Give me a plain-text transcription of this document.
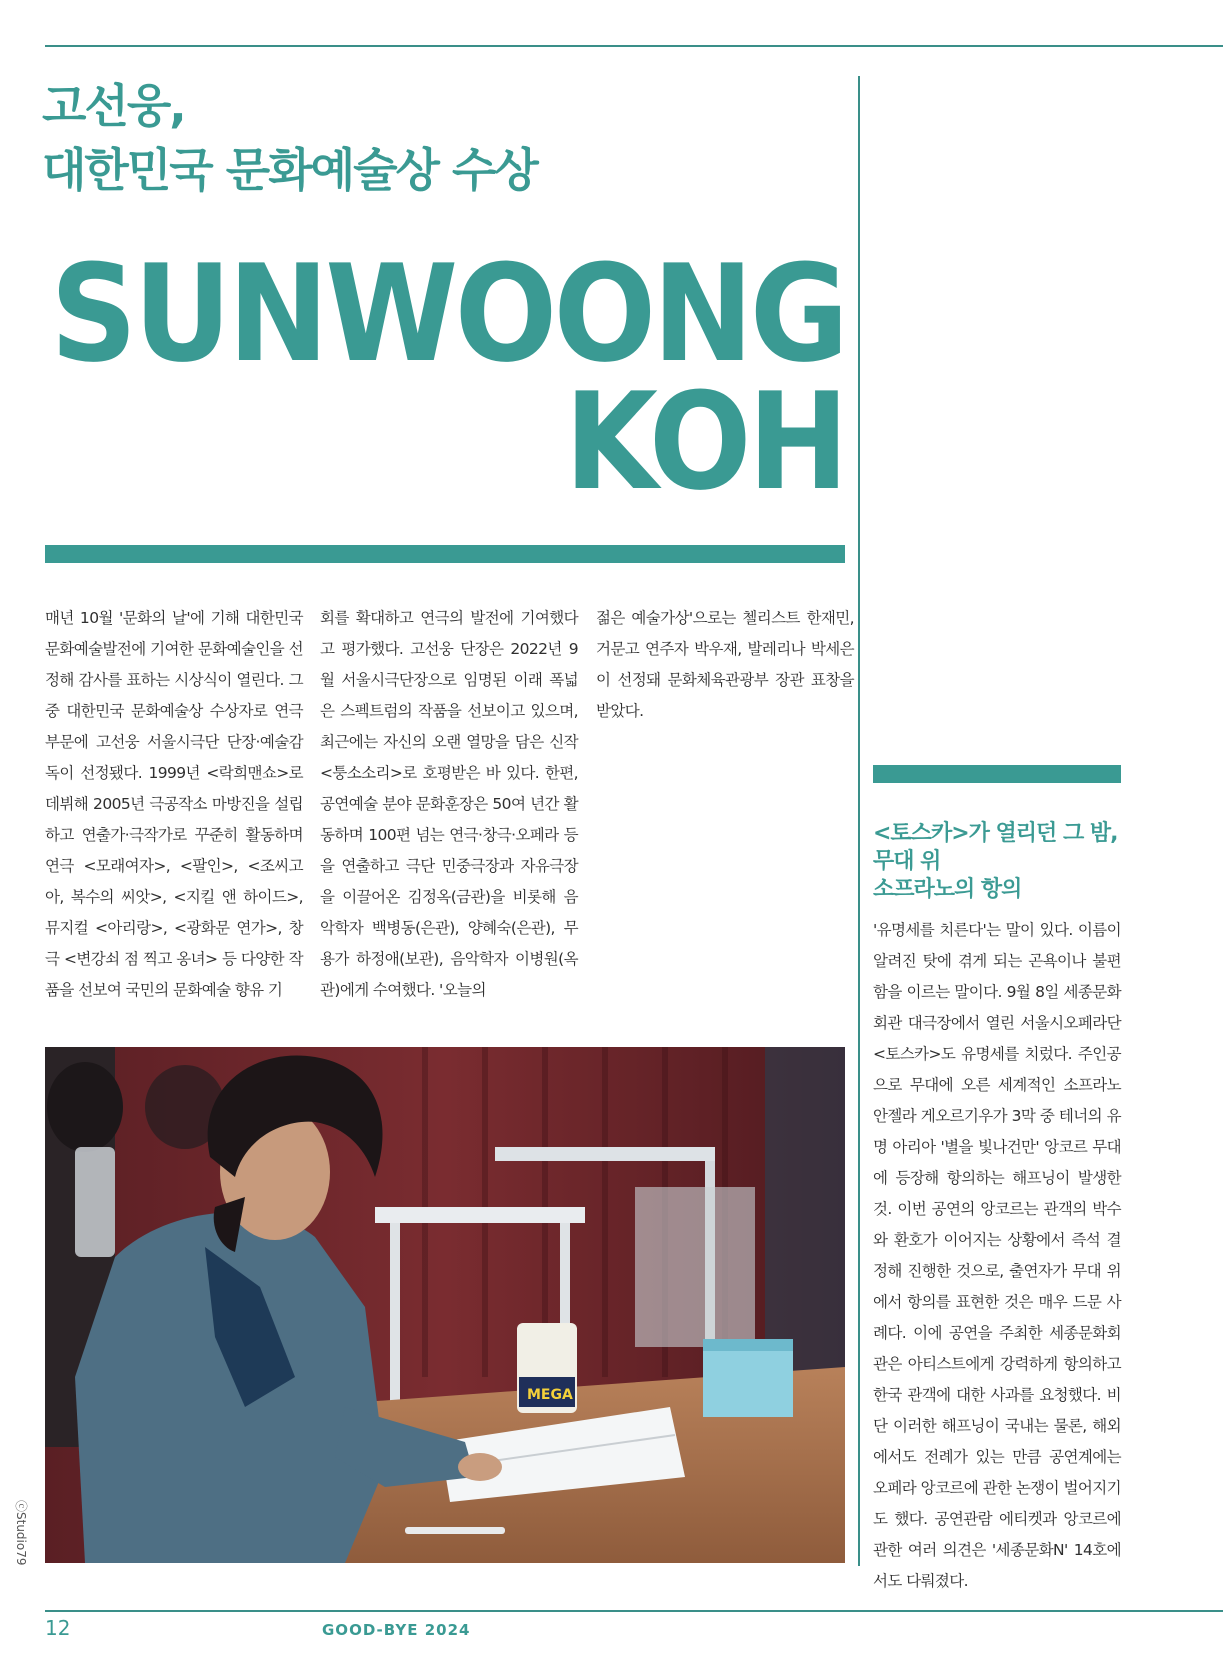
고선웅,
대한민국 문화예술상 수상
SUNWOONG
KOH

매년 10월 '문화의 날'에 기해 대한민국 문화예술발전에 기여한 문화예술인을 선정해 감사를 표하는 시상식이 열린다. 그중 대한민국 문화예술상 수상자로 연극 부문에 고선웅 서울시극단 단장·예술감독이 선정됐다. 1999년 <락희맨쇼>로 데뷔해 2005년 극공작소 마방진을 설립하고 연출가·극작가로 꾸준히 활동하며 연극 <모래여자>, <팔인>, <조씨고아, 복수의 씨앗>, <지킬 앤 하이드>, 뮤지컬 <아리랑>, <광화문 연가>, 창극 <변강쇠 점 찍고 옹녀> 등 다양한 작품을 선보여 국민의 문화예술 향유 기

회를 확대하고 연극의 발전에 기여했다고 평가했다. 고선웅 단장은 2022년 9월 서울시극단장으로 임명된 이래 폭넓은 스펙트럼의 작품을 선보이고 있으며, 최근에는 자신의 오랜 열망을 담은 신작 <퉁소소리>로 호평받은 바 있다. 한편, 공연예술 분야 문화훈장은 50여 년간 활동하며 100편 넘는 연극·창극·오페라 등을 연출하고 극단 민중극장과 자유극장을 이끌어온 김정옥(금관)을 비롯해 음악학자 백병동(은관), 양혜숙(은관), 무용가 하정애(보관), 음악학자 이병원(옥관)에게 수여했다. '오늘의

젊은 예술가상'으로는 첼리스트 한재민, 거문고 연주자 박우재, 발레리나 박세은이 선정돼 문화체육관광부 장관 표창을 받았다.

<토스카>가 열리던 그 밤,
무대 위
소프라노의 항의

'유명세를 치른다'는 말이 있다. 이름이 알려진 탓에 겪게 되는 곤욕이나 불편함을 이르는 말이다. 9월 8일 세종문화회관 대극장에서 열린 서울시오페라단 <토스카>도 유명세를 치렀다. 주인공으로 무대에 오른 세계적인 소프라노 안젤라 게오르기우가 3막 중 테너의 유명 아리아 '별을 빛나건만' 앙코르 무대에 등장해 항의하는 해프닝이 발생한 것. 이번 공연의 앙코르는 관객의 박수와 환호가 이어지는 상황에서 즉석 결정해 진행한 것으로, 출연자가 무대 위에서 항의를 표현한 것은 매우 드문 사례다. 이에 공연을 주최한 세종문화회관은 아티스트에게 강력하게 항의하고 한국 관객에 대한 사과를 요청했다. 비단 이러한 해프닝이 국내는 물론, 해외에서도 전례가 있는 만큼 공연계에는 오페라 앙코르에 관한 논쟁이 벌어지기도 했다. 공연관람 에티켓과 앙코르에 관한 여러 의견은 '세종문화N' 14호에서도 다뤄졌다.

MEGA
ⓒStudio79
12	GOOD-BYE 2024
